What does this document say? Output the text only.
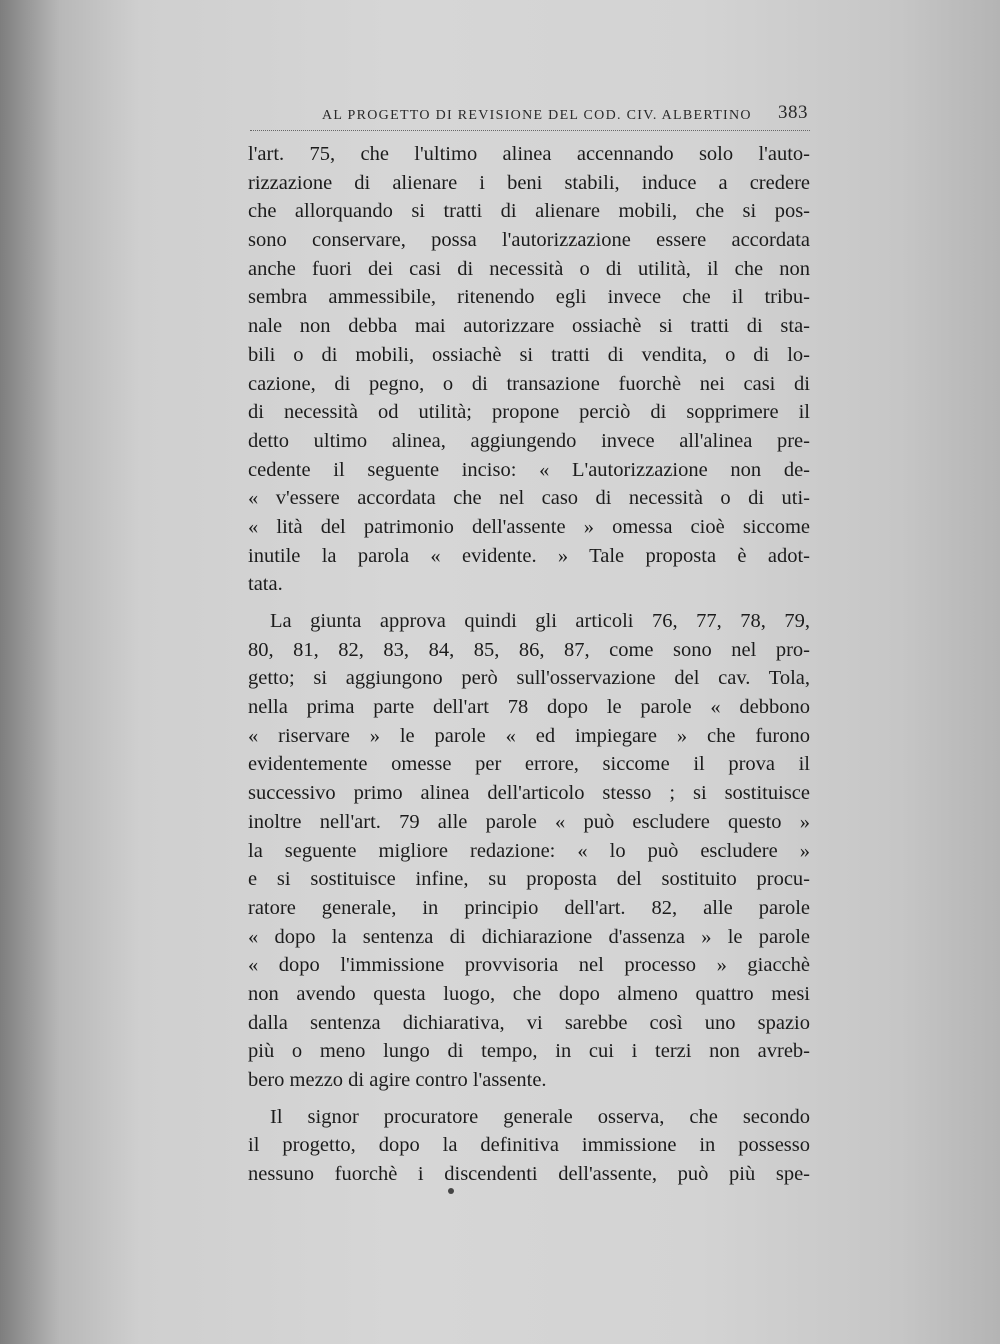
AL PROGETTO DI REVISIONE DEL COD. CIV. ALBERTINO 383
l'art. 75, che l'ultimo alinea accennando solo l'auto-
rizzazione di alienare i beni stabili, induce a credere
che allorquando si tratti di alienare mobili, che si pos-
sono conservare, possa l'autorizzazione essere accordata
anche fuori dei casi di necessità o di utilità, il che non
sembra ammessibile, ritenendo egli invece che il tribu-
nale non debba mai autorizzare ossiachè si tratti di sta-
bili o di mobili, ossiachè si tratti di vendita, o di lo-
cazione, di pegno, o di transazione fuorchè nei casi di
di necessità od utilità; propone perciò di sopprimere il
detto ultimo alinea, aggiungendo invece all'alinea pre-
cedente il seguente inciso: « L'autorizzazione non de-
« v'essere accordata che nel caso di necessità o di uti-
« lità del patrimonio dell'assente » omessa cioè siccome
inutile la parola « evidente. » Tale proposta è adot-
tata.
La giunta approva quindi gli articoli 76, 77, 78, 79,
80, 81, 82, 83, 84, 85, 86, 87, come sono nel pro-
getto; si aggiungono però sull'osservazione del cav. Tola,
nella prima parte dell'art 78 dopo le parole « debbono
« riservare » le parole « ed impiegare » che furono
evidentemente omesse per errore, siccome il prova il
successivo primo alinea dell'articolo stesso ; si sostituisce
inoltre nell'art. 79 alle parole « può escludere questo »
la seguente migliore redazione: « lo può escludere »
e si sostituisce infine, su proposta del sostituito procu-
ratore generale, in principio dell'art. 82, alle parole
« dopo la sentenza di dichiarazione d'assenza » le parole
« dopo l'immissione provvisoria nel processo » giacchè
non avendo questa luogo, che dopo almeno quattro mesi
dalla sentenza dichiarativa, vi sarebbe così uno spazio
più o meno lungo di tempo, in cui i terzi non avreb-
bero mezzo di agire contro l'assente.
Il signor procuratore generale osserva, che secondo
il progetto, dopo la definitiva immissione in possesso
nessuno fuorchè i discendenti dell'assente, può più spe-
